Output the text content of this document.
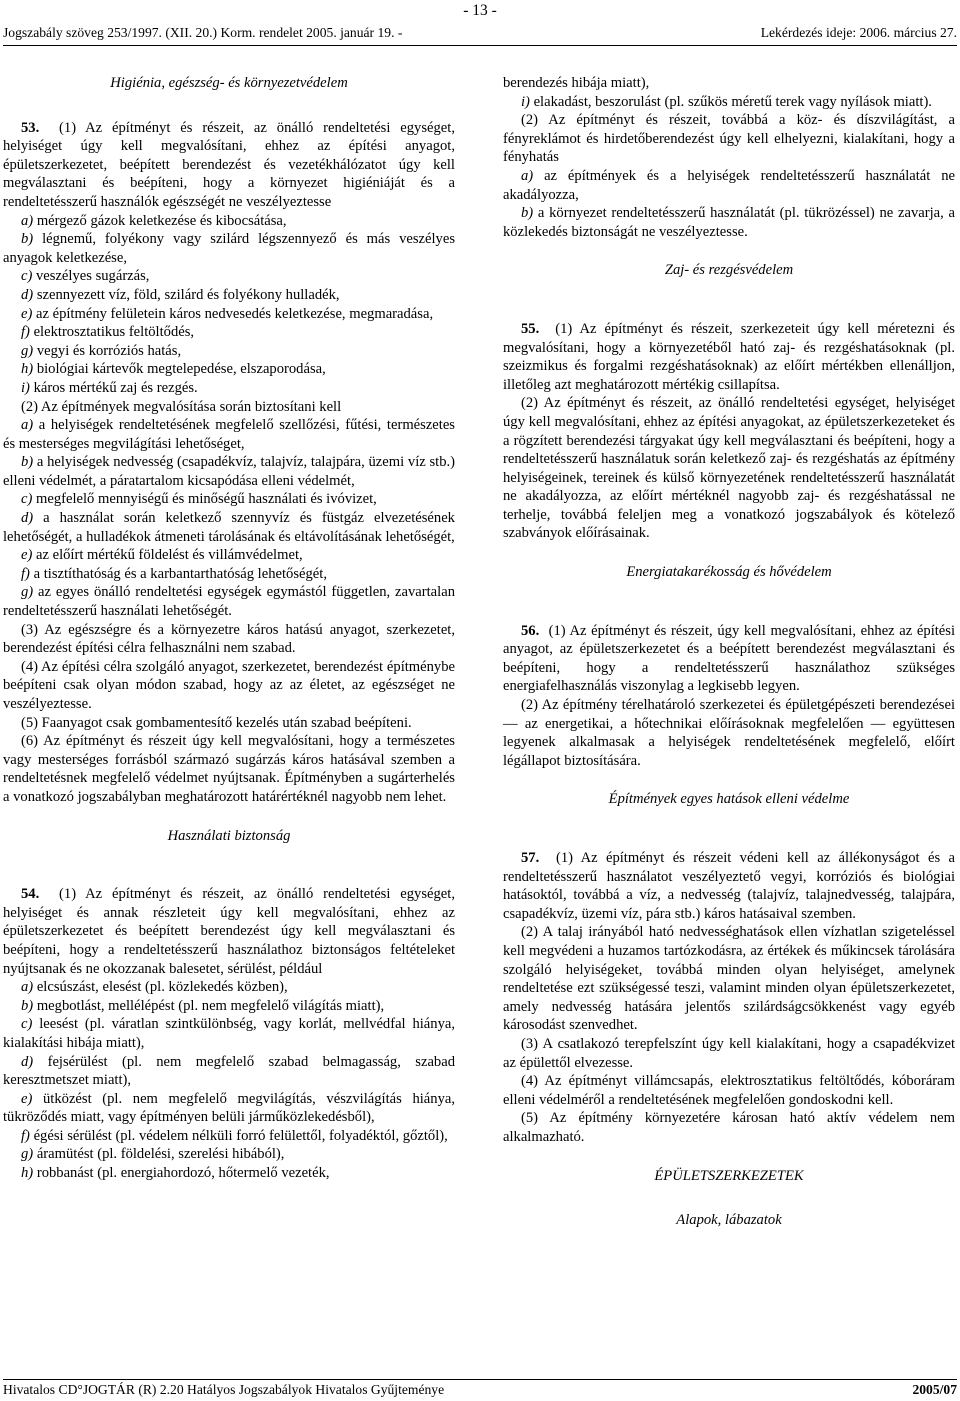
- 13 -
Jogszabály szöveg 253/1997. (XII. 20.) Korm. rendelet 2005. január 19. -	Lekérdezés ideje: 2006. március 27.
Higiénia, egészség- és környezetvédelem

53. (1) Az építményt és részeit, az önálló rendeltetési egységet, helyiséget úgy kell megvalósítani, ehhez az építési anyagot, épületszerkezetet, beépített berendezést és vezetékhálózatot úgy kell megválasztani és beépíteni, hogy a környezet higiéniáját és a rendeltetésszerű használók egészségét ne veszélyeztesse

a) mérgező gázok keletkezése és kibocsátása,

b) légnemű, folyékony vagy szilárd légszennyező és más veszélyes anyagok keletkezése,

c) veszélyes sugárzás,

d) szennyezett víz, föld, szilárd és folyékony hulladék,

e) az építmény felületein káros nedvesedés keletkezése, megmaradása,

f) elektrosztatikus feltöltődés,

g) vegyi és korróziós hatás,

h) biológiai kártevők megtelepedése, elszaporodása,

i) káros mértékű zaj és rezgés.

(2) Az építmények megvalósítása során biztosítani kell

a) a helyiségek rendeltetésének megfelelő szellőzési, fűtési, természetes és mesterséges megvilágítási lehetőséget,

b) a helyiségek nedvesség (csapadékvíz, talajvíz, talajpára, üzemi víz stb.) elleni védelmét, a páratartalom kicsapódása elleni védelmét,

c) megfelelő mennyiségű és minőségű használati és ivóvizet,

d) a használat során keletkező szennyvíz és füstgáz elvezetésének lehetőségét, a hulladékok átmeneti tárolásának és eltávolításának lehetőségét,

e) az előírt mértékű földelést és villámvédelmet,

f) a tisztíthatóság és a karbantarthatóság lehetőségét,

g) az egyes önálló rendeltetési egységek egymástól független, zavartalan rendeltetésszerű használati lehetőségét.

(3) Az egészségre és a környezetre káros hatású anyagot, szerkezetet, berendezést építési célra felhasználni nem szabad.

(4) Az építési célra szolgáló anyagot, szerkezetet, berendezést építménybe beépíteni csak olyan módon szabad, hogy az az életet, az egészséget ne veszélyeztesse.

(5) Faanyagot csak gombamentesítő kezelés után szabad beépíteni.

(6) Az építményt és részeit úgy kell megvalósítani, hogy a természetes vagy mesterséges forrásból származó sugárzás káros hatásával szemben a rendeltetésnek megfelelő védelmet nyújtsanak. Építményben a sugárterhelés a vonatkozó jogszabályban meghatározott határértéknél nagyobb nem lehet.

Használati biztonság

54. (1) Az építményt és részeit, az önálló rendeltetési egységet, helyiséget és annak részleteit úgy kell megvalósítani, ehhez az épületszerkezetet és beépített berendezést úgy kell megválasztani és beépíteni, hogy a rendeltetésszerű használathoz biztonságos feltételeket nyújtsanak és ne okozzanak balesetet, sérülést, például

a) elcsúszást, elesést (pl. közlekedés közben),

b) megbotlást, mellélépést (pl. nem megfelelő világítás miatt),

c) leesést (pl. váratlan szintkülönbség, vagy korlát, mellvédfal hiánya, kialakítási hibája miatt),

d) fejsérülést (pl. nem megfelelő szabad belmagasság, szabad keresztmetszet miatt),

e) ütközést (pl. nem megfelelő megvilágítás, vészvilágítás hiánya, tükröződés miatt, vagy építményen belüli járműközlekedésből),

f) égési sérülést (pl. védelem nélküli forró felülettől, folyadéktól, gőztől),

g) áramütést (pl. földelési, szerelési hibából),

h) robbanást (pl. energiahordozó, hőtermelő vezeték,

berendezés hibája miatt),

i) elakadást, beszorulást (pl. szűkös méretű terek vagy nyílások miatt).

(2) Az építményt és részeit, továbbá a köz- és díszvilágítást, a fényreklámot és hirdetőberendezést úgy kell elhelyezni, kialakítani, hogy a fényhatás

a) az építmények és a helyiségek rendeltetésszerű használatát ne akadályozza,

b) a környezet rendeltetésszerű használatát (pl. tükrözéssel) ne zavarja, a közlekedés biztonságát ne veszélyeztesse.

Zaj- és rezgésvédelem

55. (1) Az építményt és részeit, szerkezeteit úgy kell méretezni és megvalósítani, hogy a környezetéből ható zaj- és rezgéshatásoknak (pl. szeizmikus és forgalmi rezgéshatásoknak) az előírt mértékben ellenálljon, illetőleg azt meghatározott mértékig csillapítsa.

(2) Az építményt és részeit, az önálló rendeltetési egységet, helyiséget úgy kell megvalósítani, ehhez az építési anyagokat, az épületszerkezeteket és a rögzített berendezési tárgyakat úgy kell megválasztani és beépíteni, hogy a rendeltetésszerű használatuk során keletkező zaj- és rezgéshatás az építmény helyiségeinek, tereinek és külső környezetének rendeltetésszerű használatát ne akadályozza, az előírt mértéknél nagyobb zaj- és rezgéshatással ne terhelje, továbbá feleljen meg a vonatkozó jogszabályok és kötelező szabványok előírásainak.

Energiatakarékosság és hővédelem

56. (1) Az építményt és részeit, úgy kell megvalósítani, ehhez az építési anyagot, az épületszerkezetet és a beépített berendezést megválasztani és beépíteni, hogy a rendeltetésszerű használathoz szükséges energiafelhasználás viszonylag a legkisebb legyen.

(2) Az építmény térelhatároló szerkezetei és épületgépészeti berendezései — az energetikai, a hőtechnikai előírásoknak megfelelően — együttesen legyenek alkalmasak a helyiségek rendeltetésének megfelelő, előírt légállapot biztosítására.

Építmények egyes hatások elleni védelme

57. (1) Az építményt és részeit védeni kell az állékonyságot és a rendeltetésszerű használatot veszélyeztető vegyi, korróziós és biológiai hatásoktól, továbbá a víz, a nedvesség (talajvíz, talajnedvesség, talajpára, csapadékvíz, üzemi víz, pára stb.) káros hatásaival szemben.

(2) A talaj irányából ható nedvességhatások ellen vízhatlan szigeteléssel kell megvédeni a huzamos tartózkodásra, az értékek és műkincsek tárolására szolgáló helyiségeket, továbbá minden olyan helyiséget, amelynek rendeltetése ezt szükségessé teszi, valamint minden olyan épületszerkezetet, amely nedvesség hatására jelentős szilárdságcsökkenést vagy egyéb károsodást szenvedhet.

(3) A csatlakozó terepfelszínt úgy kell kialakítani, hogy a csapadékvizet az épülettől elvezesse.

(4) Az építményt villámcsapás, elektrosztatikus feltöltődés, kóboráram elleni védelméről a rendeltetésének megfelelően gondoskodni kell.

(5) Az építmény környezetére károsan ható aktív védelem nem alkalmazható.

ÉPÜLETSZERKEZETEK
Alapok, lábazatok
Hivatalos CD°JOGTÁR (R) 2.20 Hatályos Jogszabályok Hivatalos Gyűjteménye	2005/07
